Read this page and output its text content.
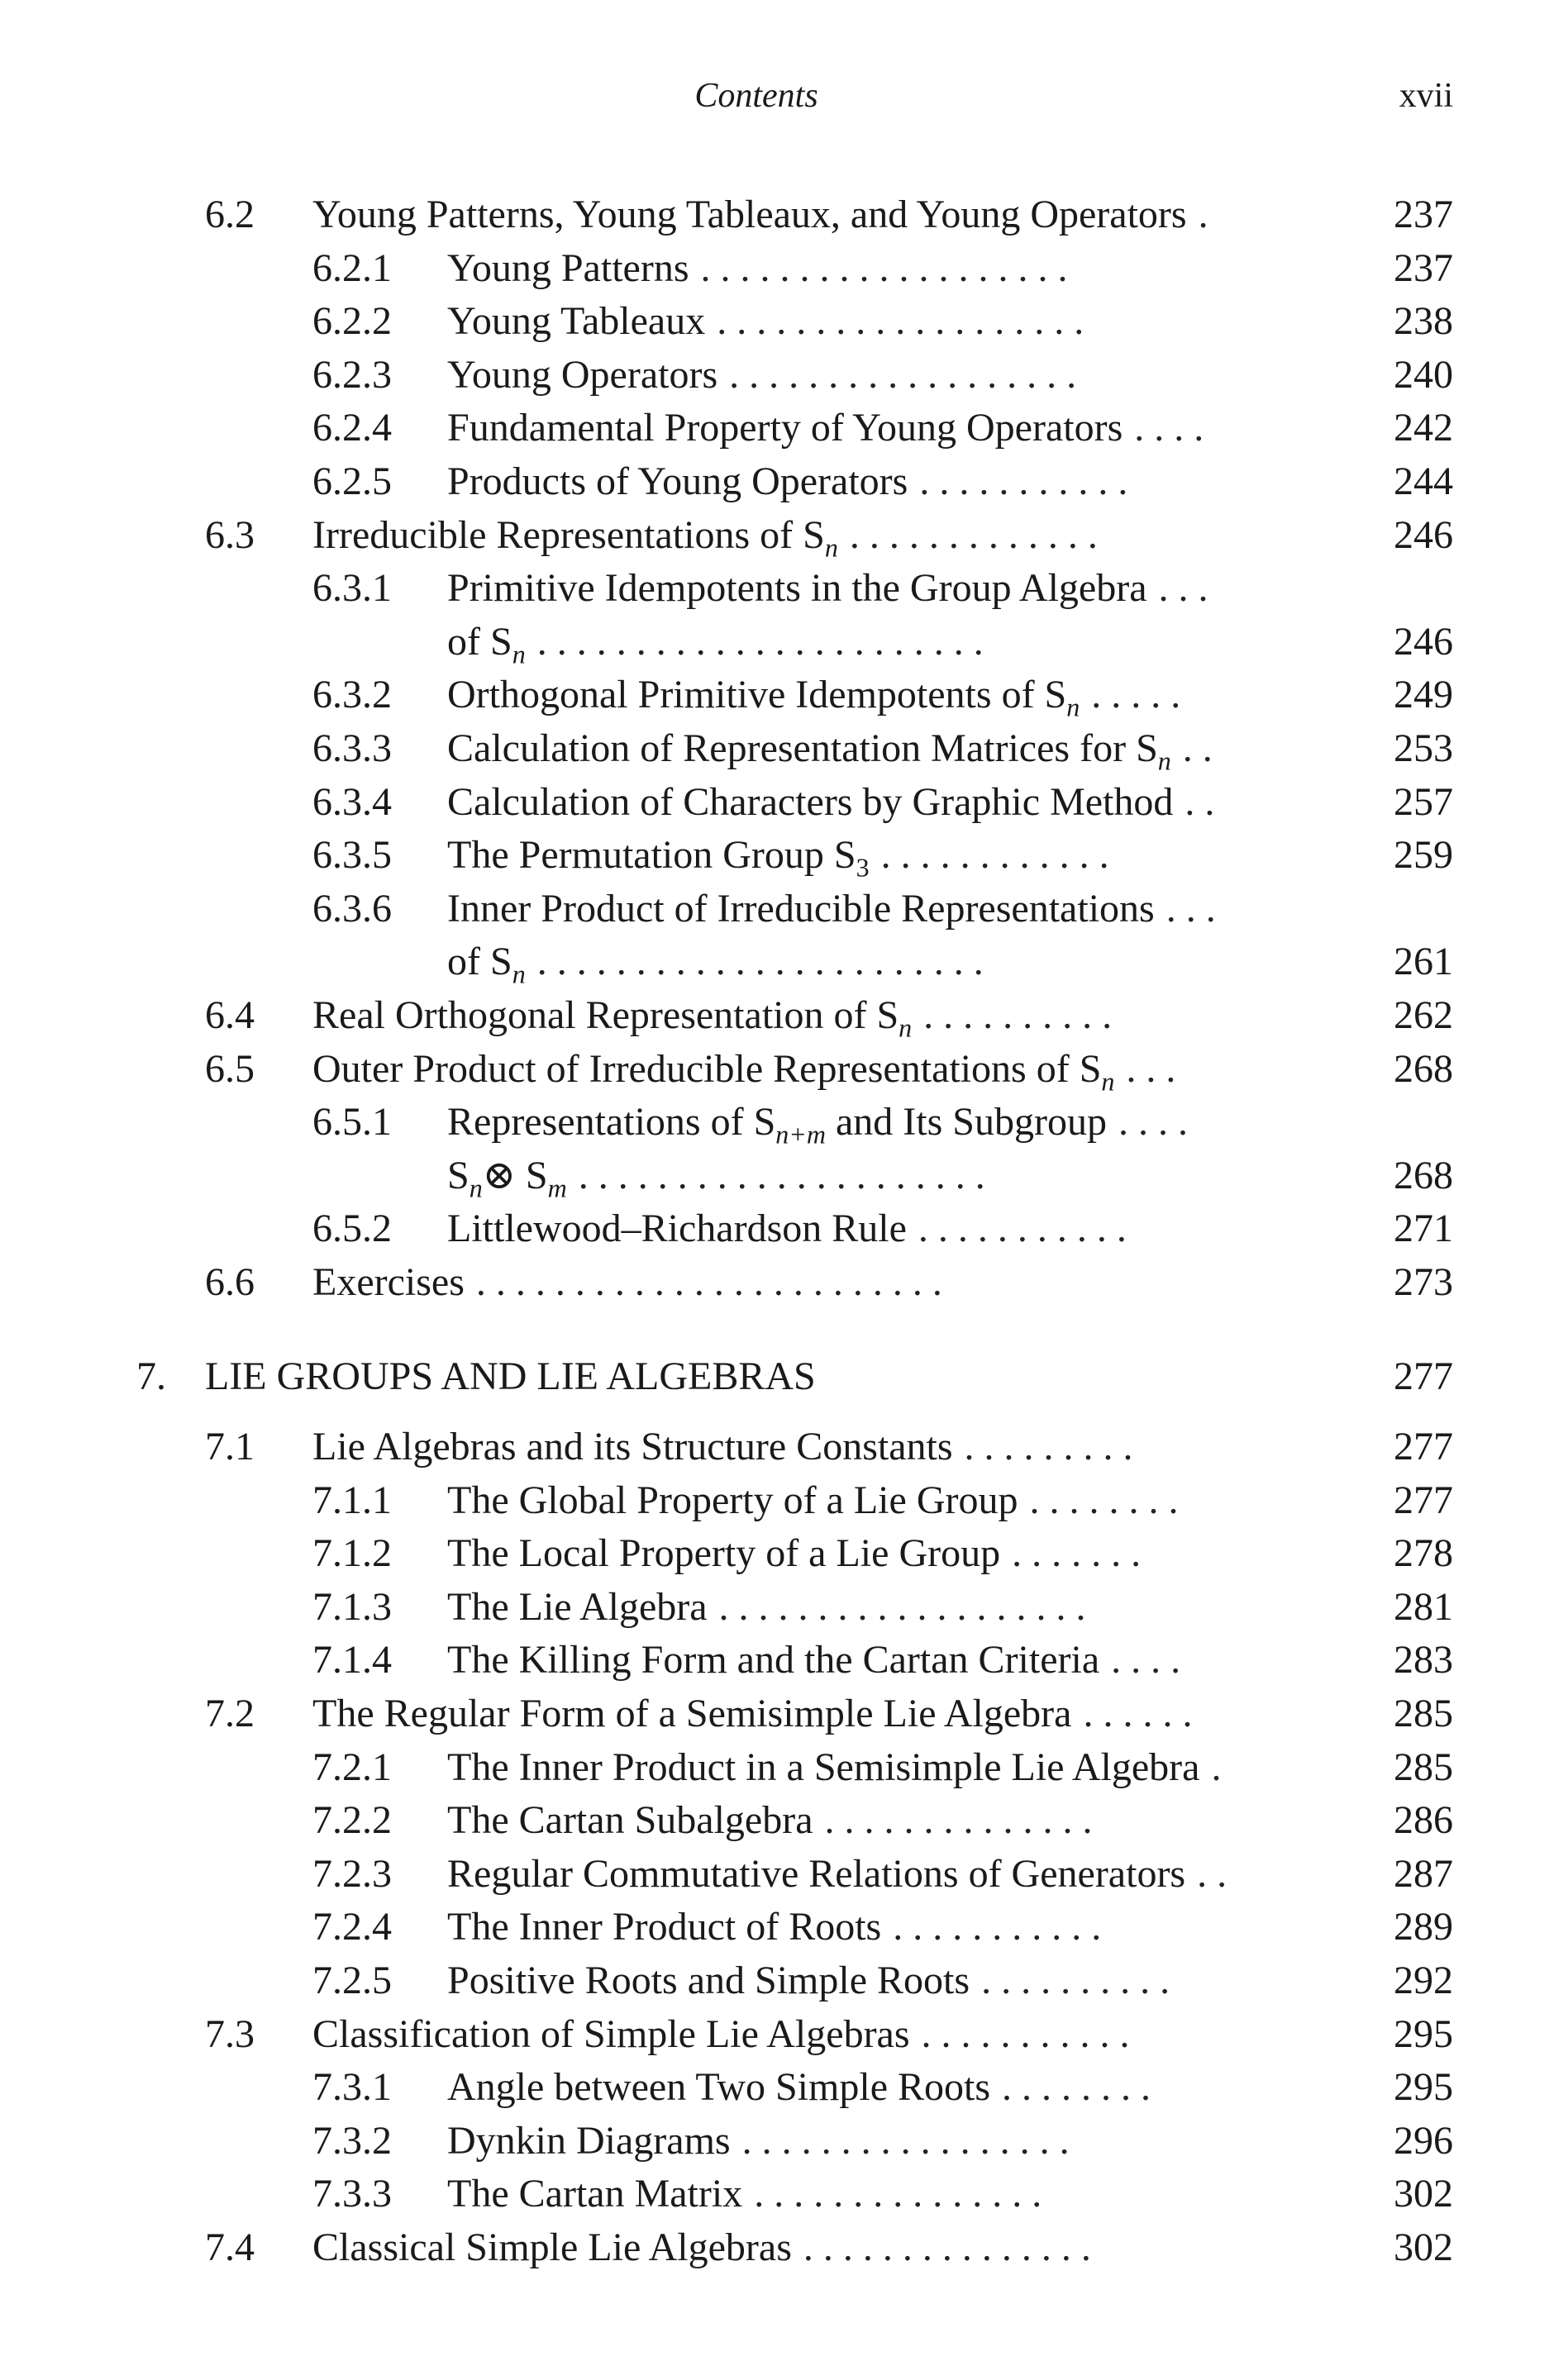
Contents	xvii
6.2 Young Patterns, Young Tableaux, and Young Operators .	237
6.2.1 Young Patterns ...................	237
6.2.2 Young Tableaux ...................	238
6.2.3 Young Operators ..................	240
6.2.4 Fundamental Property of Young Operators ....	242
6.2.5 Products of Young Operators ...........	244
6.3 Irreducible Representations of $S_n$ .............	246
6.3.1 Primitive Idempotents in the Group Algebra ...
of $S_n$ .......................	246
6.3.2 Orthogonal Primitive Idempotents of $S_n$ .....	249
6.3.3 Calculation of Representation Matrices for $S_n$ ..	253
6.3.4 Calculation of Characters by Graphic Method ..	257
6.3.5 The Permutation Group $S_3$ ............	259
6.3.6 Inner Product of Irreducible Representations ...
of $S_n$ .......................	261
6.4 Real Orthogonal Representation of $S_n$ ..........	262
6.5 Outer Product of Irreducible Representations of $S_n$ ...	268
6.5.1 Representations of $S_{n+m}$ and Its Subgroup ....
$S_n\otimes$ $S_m$ .....................	268
6.5.2 Littlewood–Richardson Rule ...........	271
6.6 Exercises ........................	273
7. LIE GROUPS AND LIE ALGEBRAS	277
7.1 Lie Algebras and its Structure Constants .........	277
7.1.1 The Global Property of a Lie Group ........	277
7.1.2 The Local Property of a Lie Group .......	278
7.1.3 The Lie Algebra ...................	281
7.1.4 The Killing Form and the Cartan Criteria ....	283
7.2 The Regular Form of a Semisimple Lie Algebra ......	285
7.2.1 The Inner Product in a Semisimple Lie Algebra .	285
7.2.2 The Cartan Subalgebra ..............	286
7.2.3 Regular Commutative Relations of Generators ..	287
7.2.4 The Inner Product of Roots ...........	289
7.2.5 Positive Roots and Simple Roots ..........	292
7.3 Classification of Simple Lie Algebras ...........	295
7.3.1 Angle between Two Simple Roots ........	295
7.3.2 Dynkin Diagrams .................	296
7.3.3 The Cartan Matrix ...............	302
7.4 Classical Simple Lie Algebras ...............	302
